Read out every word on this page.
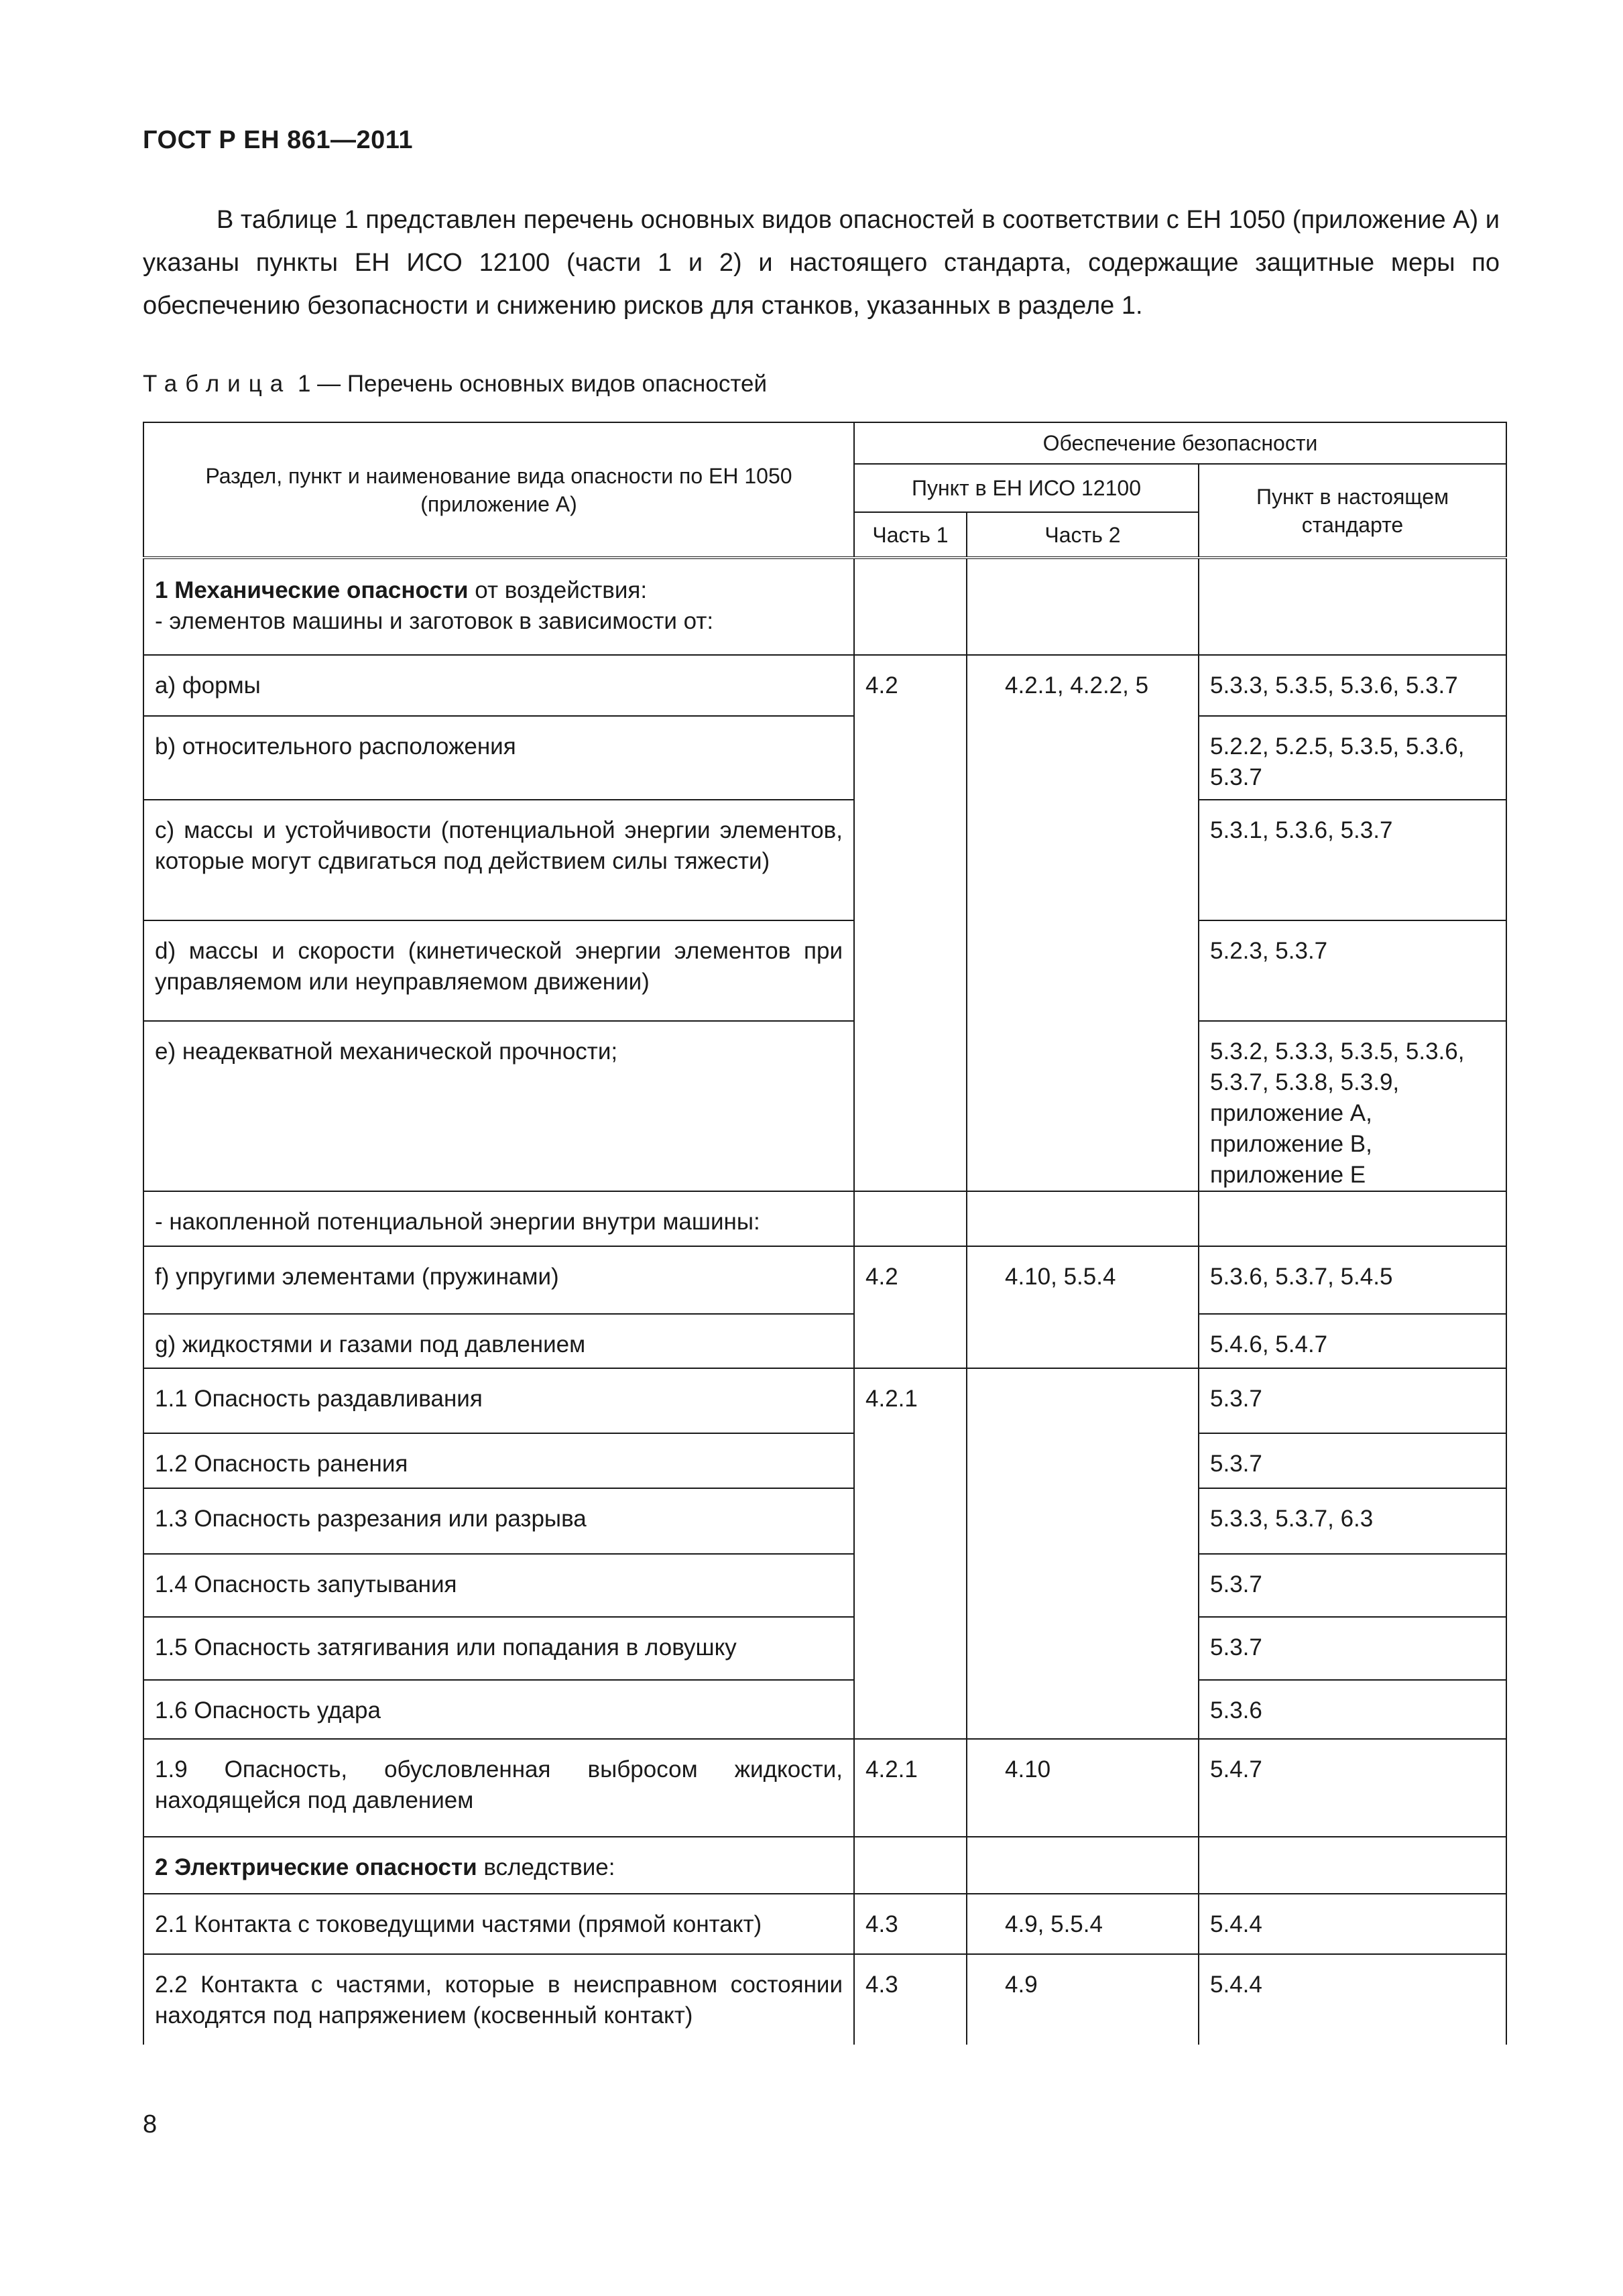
ГОСТ Р ЕН 861—2011

В таблице 1 представлен перечень основных видов опасностей в соответствии с ЕН 1050 (приложение А) и указаны пункты ЕН ИСО 12100 (части 1 и 2) и настоящего стандарта, содержащие защитные меры по обеспечению безопасности и снижению рисков для станков, указанных в разделе 1.

Таблица 1 — Перечень основных видов опасностей
Раздел, пункт и наименование вида опасности по ЕН 1050 (приложение А)	Обеспечение безопасности		
	Пункт в ЕН ИСО 12100		Пункт в настоящем стандарте
	Часть 1	Часть 2	
1 Механические опасности от воздействия:
- элементов машины и заготовок в зависимости от:			
a) формы	4.2	4.2.1, 4.2.2, 5	5.3.3, 5.3.5, 5.3.6, 5.3.7
b) относительного расположения			5.2.2, 5.2.5, 5.3.5, 5.3.6, 5.3.7
c) массы и устойчивости (потенциальной энергии элементов, которые могут сдвигаться под действием силы тяжести)			5.3.1, 5.3.6, 5.3.7
d) массы и скорости (кинетической энергии элементов при управляемом или неуправляемом движении)			5.2.3, 5.3.7
e) неадекватной механической прочности;			5.3.2, 5.3.3, 5.3.5, 5.3.6, 5.3.7, 5.3.8, 5.3.9, приложение А, приложение В, приложение Е
- накопленной потенциальной энергии внутри машины:			
f) упругими элементами (пружинами)	4.2	4.10, 5.5.4	5.3.6, 5.3.7, 5.4.5
g) жидкостями и газами под давлением			5.4.6, 5.4.7
1.1 Опасность раздавливания	4.2.1		5.3.7
1.2 Опасность ранения			5.3.7
1.3 Опасность разрезания или разрыва			5.3.3, 5.3.7, 6.3
1.4 Опасность запутывания			5.3.7
1.5 Опасность затягивания или попадания в ловушку			5.3.7
1.6 Опасность удара			5.3.6
1.9 Опасность, обусловленная выбросом жидкости, находящейся под давлением	4.2.1	4.10	5.4.7
2 Электрические опасности вследствие:			
2.1 Контакта с токоведущими частями (прямой контакт)	4.3	4.9, 5.5.4	5.4.4
2.2 Контакта с частями, которые в неисправном состоянии находятся под напряжением (косвенный контакт)	4.3	4.9	5.4.4
8
